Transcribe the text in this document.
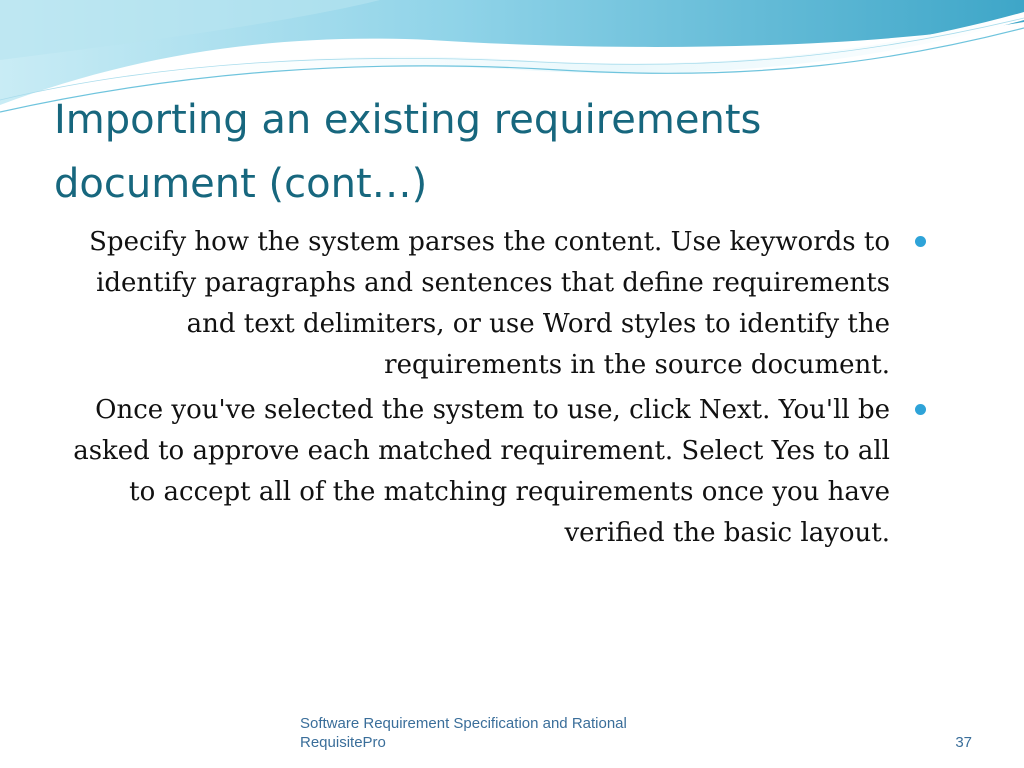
Importing an existing requirements document (cont…)
Specify how the system parses the content. Use keywords to identify paragraphs and sentences that define requirements and text delimiters, or use Word styles to identify the requirements in the source document.
Once you've selected the system to use, click Next. You'll be asked to approve each matched requirement. Select Yes to all to accept all of the matching requirements once you have verified the basic layout.
Software Requirement Specification and Rational RequisitePro	37
